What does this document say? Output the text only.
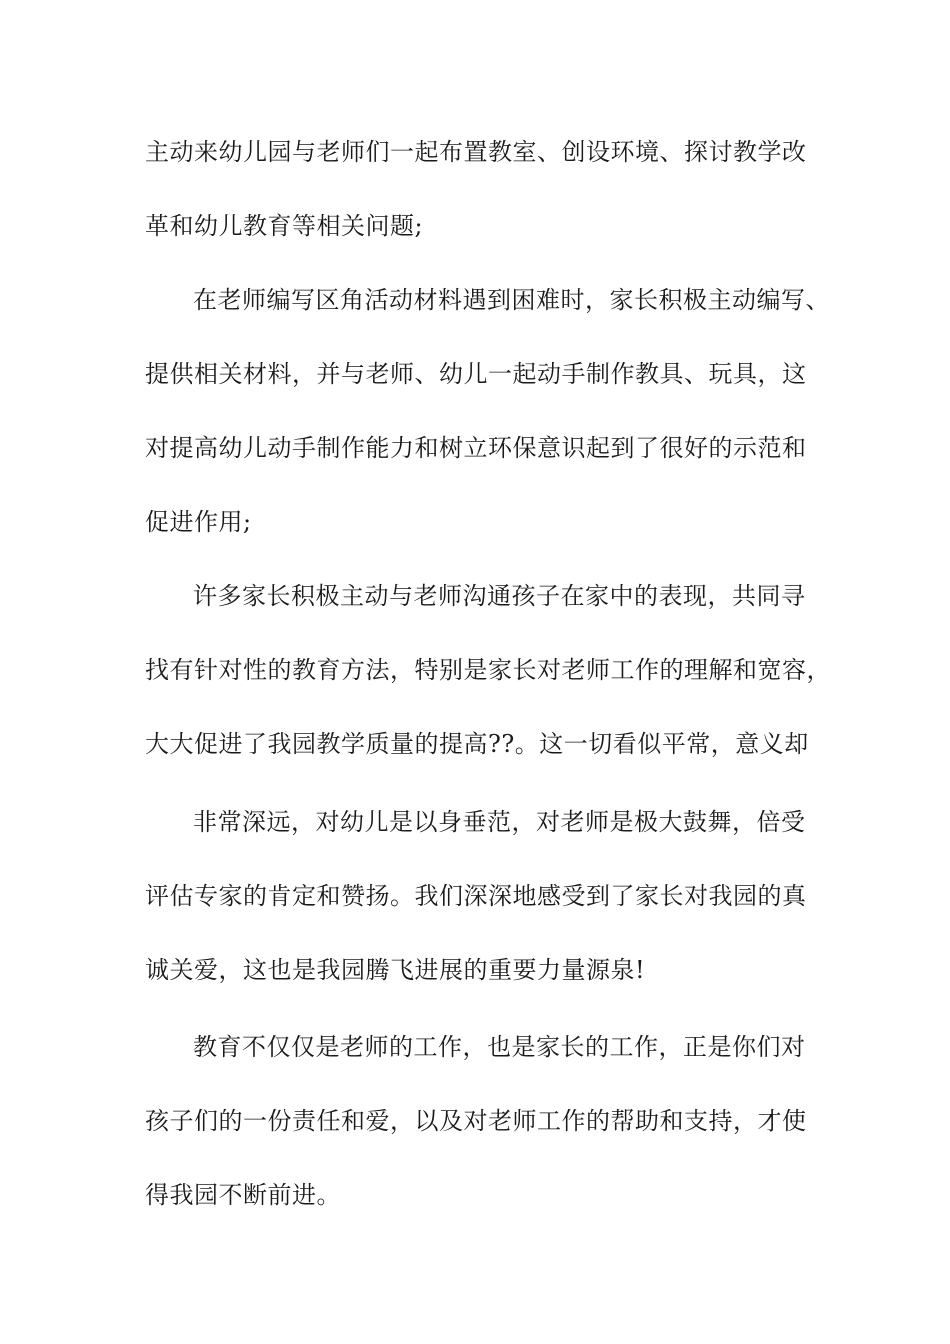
主动来幼儿园与老师们一起布置教室、创设环境、探讨教学改
革和幼儿教育等相关问题;
在老师编写区角活动材料遇到困难时，家长积极主动编写、
提供相关材料，并与老师、幼儿一起动手制作教具、玩具，这
对提高幼儿动手制作能力和树立环保意识起到了很好的示范和
促进作用;
许多家长积极主动与老师沟通孩子在家中的表现，共同寻
找有针对性的教育方法，特别是家长对老师工作的理解和宽容，
大大促进了我园教学质量的提高??。这一切看似平常，意义却
非常深远，对幼儿是以身垂范，对老师是极大鼓舞，倍受
评估专家的肯定和赞扬。我们深深地感受到了家长对我园的真
诚关爱，这也是我园腾飞进展的重要力量源泉!
教育不仅仅是老师的工作，也是家长的工作，正是你们对
孩子们的一份责任和爱，以及对老师工作的帮助和支持，才使
得我园不断前进。
